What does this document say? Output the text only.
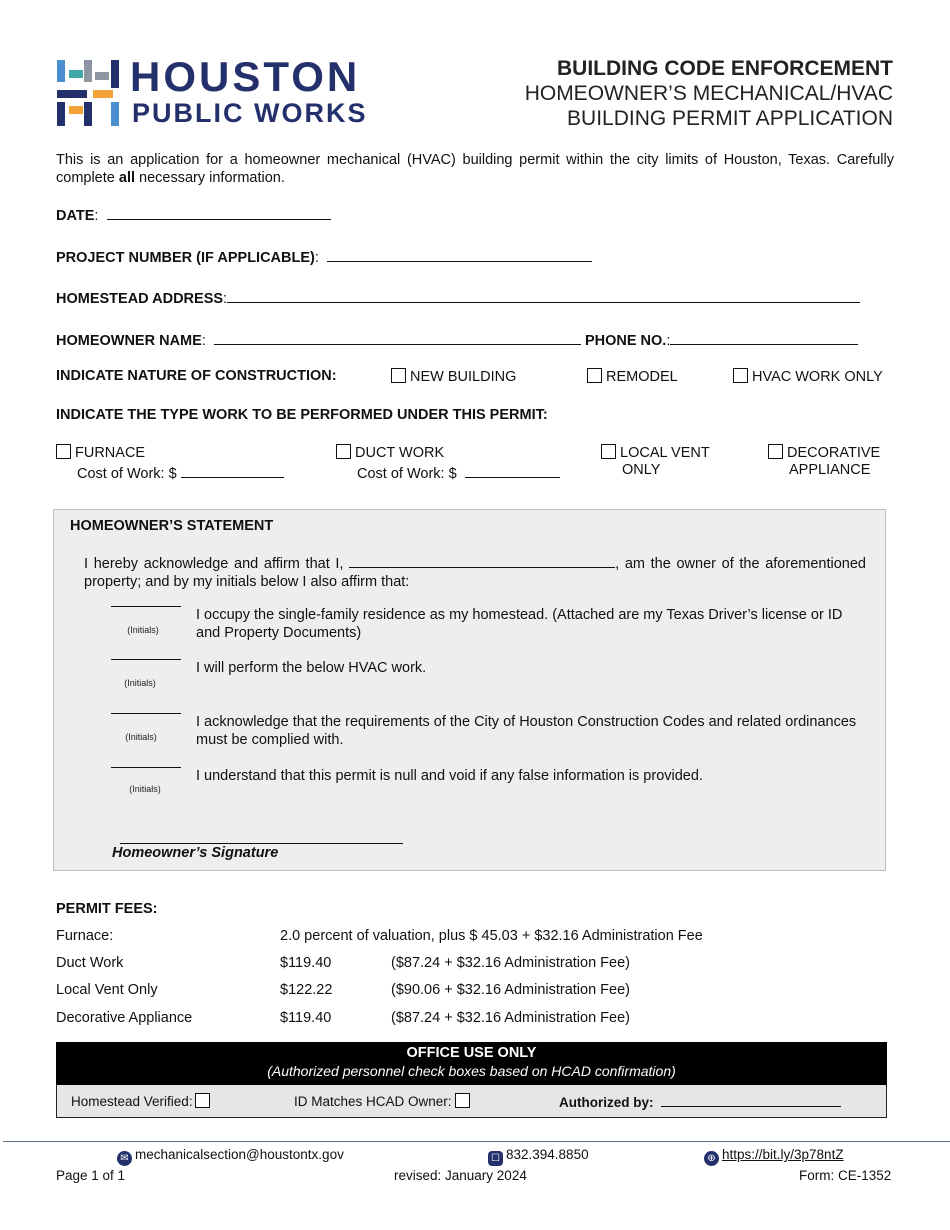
HOUSTON
PUBLIC WORKS
BUILDING CODE ENFORCEMENT
HOMEOWNER’S MECHANICAL/HVAC
BUILDING PERMIT APPLICATION
This is an application for a homeowner mechanical (HVAC) building permit within the city limits of Houston, Texas. Carefully complete all necessary information.
DATE:
PROJECT NUMBER (IF APPLICABLE):
HOMESTEAD ADDRESS:
HOMEOWNER NAME:	PHONE NO.:
INDICATE NATURE OF CONSTRUCTION:	NEW BUILDING	REMODEL	HVAC WORK ONLY
INDICATE THE TYPE WORK TO BE PERFORMED UNDER THIS PERMIT:
FURNACE
Cost of Work: $
DUCT WORK
Cost of Work: $
LOCAL VENT
ONLY
DECORATIVE
APPLIANCE
HOMEOWNER’S STATEMENT
I hereby acknowledge and affirm that I,	, am the owner of the aforementioned property; and by my initials below I also affirm that:
(Initials)
I occupy the single-family residence as my homestead. (Attached are my Texas Driver’s license or ID and Property Documents)
(Initials)
I will perform the below HVAC work.
(Initials)
I acknowledge that the requirements of the City of Houston Construction Codes and related ordinances must be complied with.
(Initials)
I understand that this permit is null and void if any false information is provided.
Homeowner’s Signature
PERMIT FEES:
Furnace:	2.0 percent of valuation, plus $ 45.03 + $32.16 Administration Fee
Duct Work	$119.40	($87.24 + $32.16 Administration Fee)
Local Vent Only	$122.22	($90.06 + $32.16 Administration Fee)
Decorative Appliance	$119.40	($87.24 + $32.16 Administration Fee)
OFFICE USE ONLY
(Authorized personnel check boxes based on HCAD confirmation)
Homestead Verified:	ID Matches HCAD Owner:	Authorized by:
✉ mechanicalsection@houstontx.gov	☐ 832.394.8850	⊕ https://bit.ly/3p78ntZ
Page 1 of 1	revised: January 2024	Form: CE-1352
